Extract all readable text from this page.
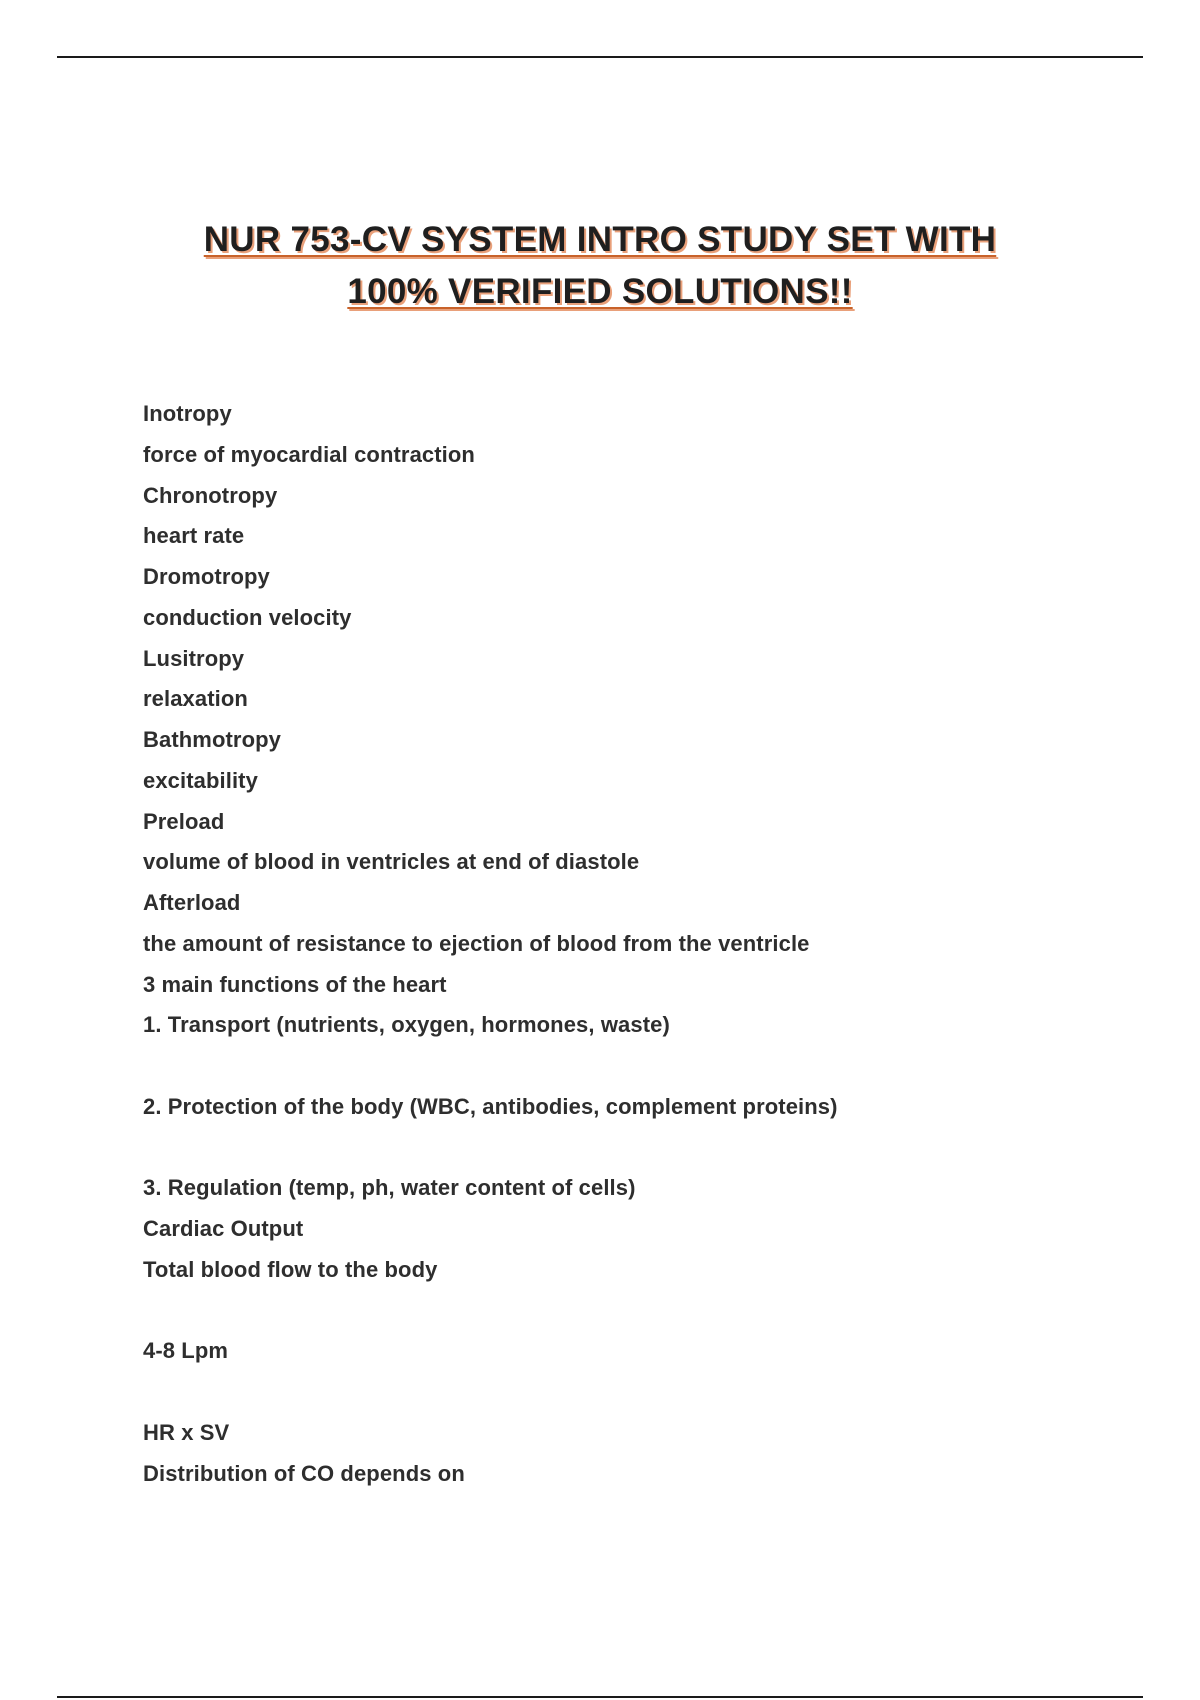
NUR 753-CV SYSTEM INTRO STUDY SET WITH
100% VERIFIED SOLUTIONS!!
Inotropy
force of myocardial contraction
Chronotropy
heart rate
Dromotropy
conduction velocity
Lusitropy
relaxation
Bathmotropy
excitability
Preload
volume of blood in ventricles at end of diastole
Afterload
the amount of resistance to ejection of blood from the ventricle
3 main functions of the heart
1. Transport (nutrients, oxygen, hormones, waste)
2. Protection of the body (WBC, antibodies, complement proteins)
3. Regulation (temp, ph, water content of cells)
Cardiac Output
Total blood flow to the body
4-8 Lpm
HR x SV
Distribution of CO depends on
